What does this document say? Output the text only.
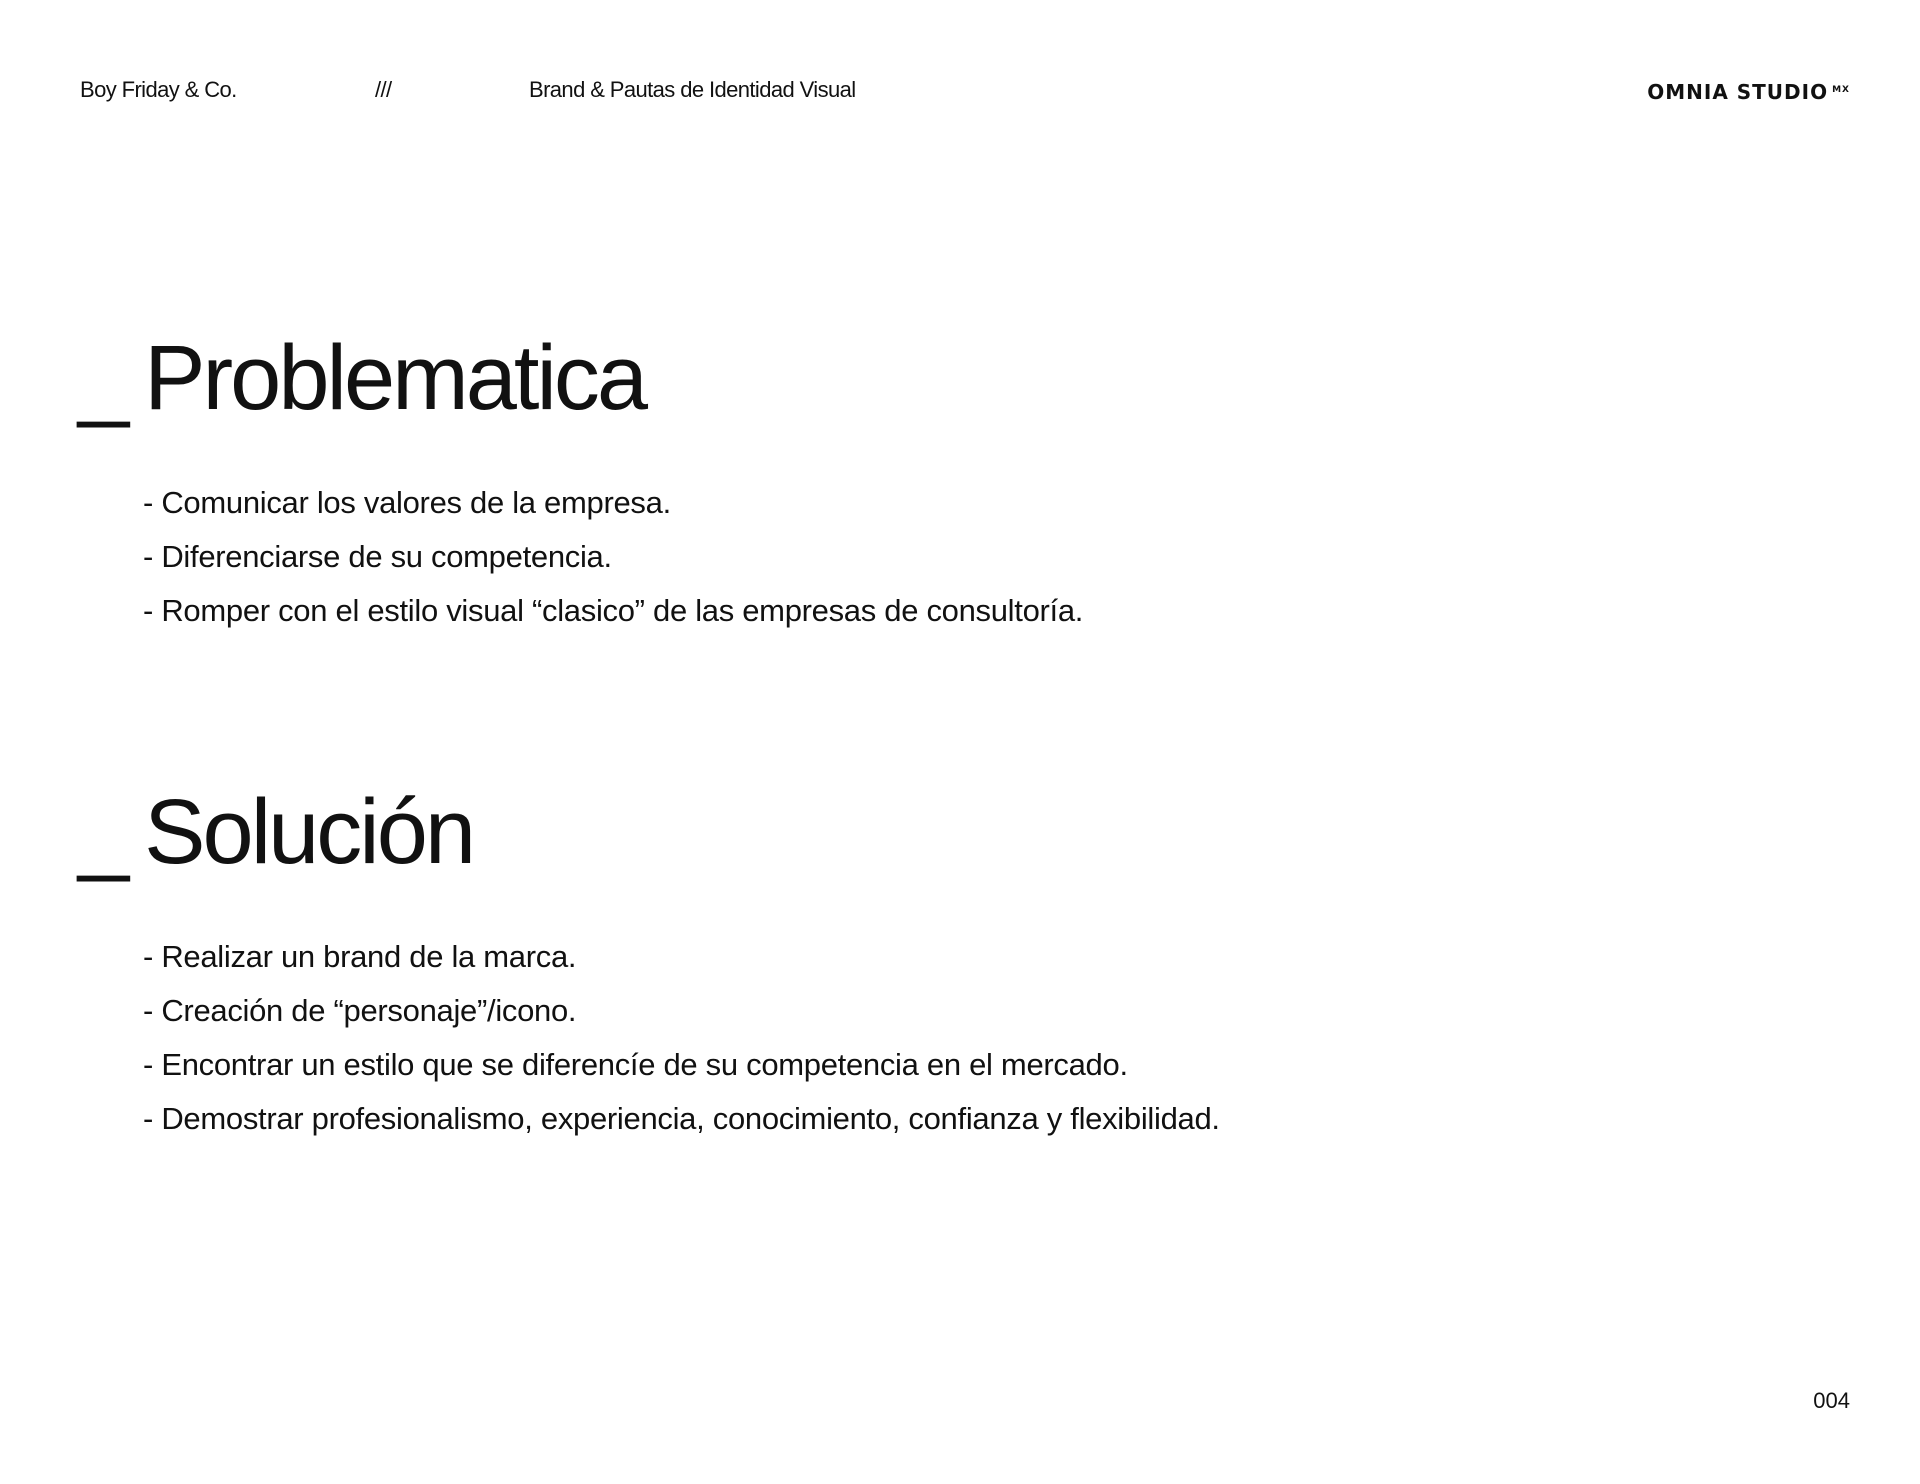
Boy Friday & Co.	///	Brand & Pautas de Identidad Visual	OMNIA STUDIO $^{MX}$
_ Problematica
- Comunicar los valores de la empresa.
- Diferenciarse de su competencia.
- Romper con el estilo visual “clasico” de las empresas de consultoría.
_ Solución
- Realizar un brand de la marca.
- Creación de “personaje”/icono.
- Encontrar un estilo que se diferencíe de su competencia en el mercado.
- Demostrar profesionalismo, experiencia, conocimiento, confianza y flexibilidad.
004
